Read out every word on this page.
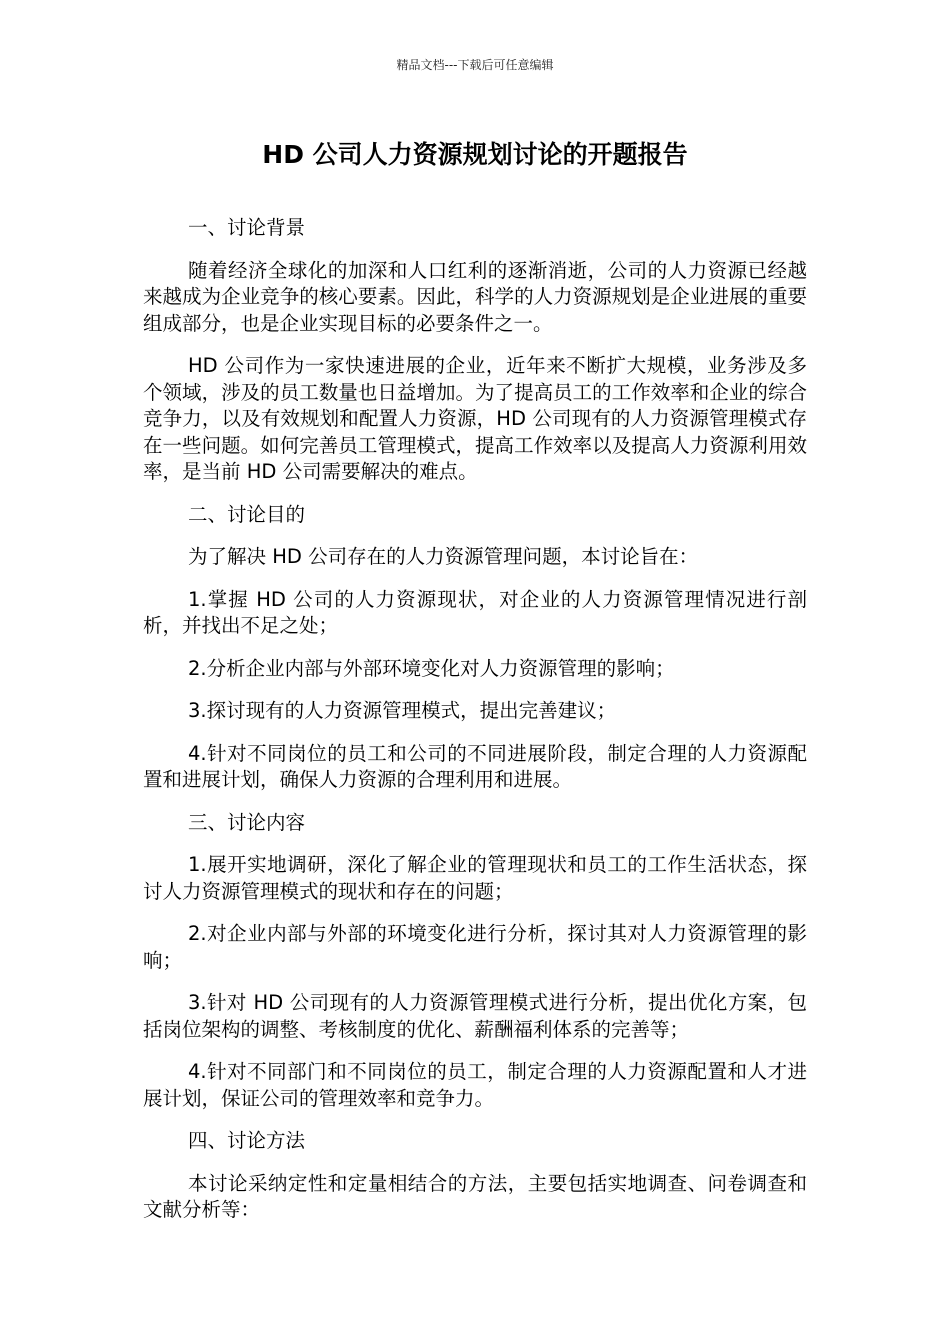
精品文档---下载后可任意编辑
HD 公司人力资源规划讨论的开题报告

一、讨论背景

随着经济全球化的加深和人口红利的逐渐消逝，公司的人力资源已经越来越成为企业竞争的核心要素。因此，科学的人力资源规划是企业进展的重要组成部分，也是企业实现目标的必要条件之一。

HD 公司作为一家快速进展的企业，近年来不断扩大规模，业务涉及多个领域，涉及的员工数量也日益增加。为了提高员工的工作效率和企业的综合竞争力，以及有效规划和配置人力资源，HD 公司现有的人力资源管理模式存在一些问题。如何完善员工管理模式，提高工作效率以及提高人力资源利用效率，是当前 HD 公司需要解决的难点。

二、讨论目的

为了解决 HD 公司存在的人力资源管理问题，本讨论旨在：

1.掌握 HD 公司的人力资源现状，对企业的人力资源管理情况进行剖析，并找出不足之处；

2.分析企业内部与外部环境变化对人力资源管理的影响；

3.探讨现有的人力资源管理模式，提出完善建议；

4.针对不同岗位的员工和公司的不同进展阶段，制定合理的人力资源配置和进展计划，确保人力资源的合理利用和进展。

三、讨论内容

1.展开实地调研，深化了解企业的管理现状和员工的工作生活状态，探讨人力资源管理模式的现状和存在的问题；

2.对企业内部与外部的环境变化进行分析，探讨其对人力资源管理的影响；

3.针对 HD 公司现有的人力资源管理模式进行分析，提出优化方案，包括岗位架构的调整、考核制度的优化、薪酬福利体系的完善等；

4.针对不同部门和不同岗位的员工，制定合理的人力资源配置和人才进展计划，保证公司的管理效率和竞争力。

四、讨论方法

本讨论采纳定性和定量相结合的方法，主要包括实地调查、问卷调查和文献分析等：
